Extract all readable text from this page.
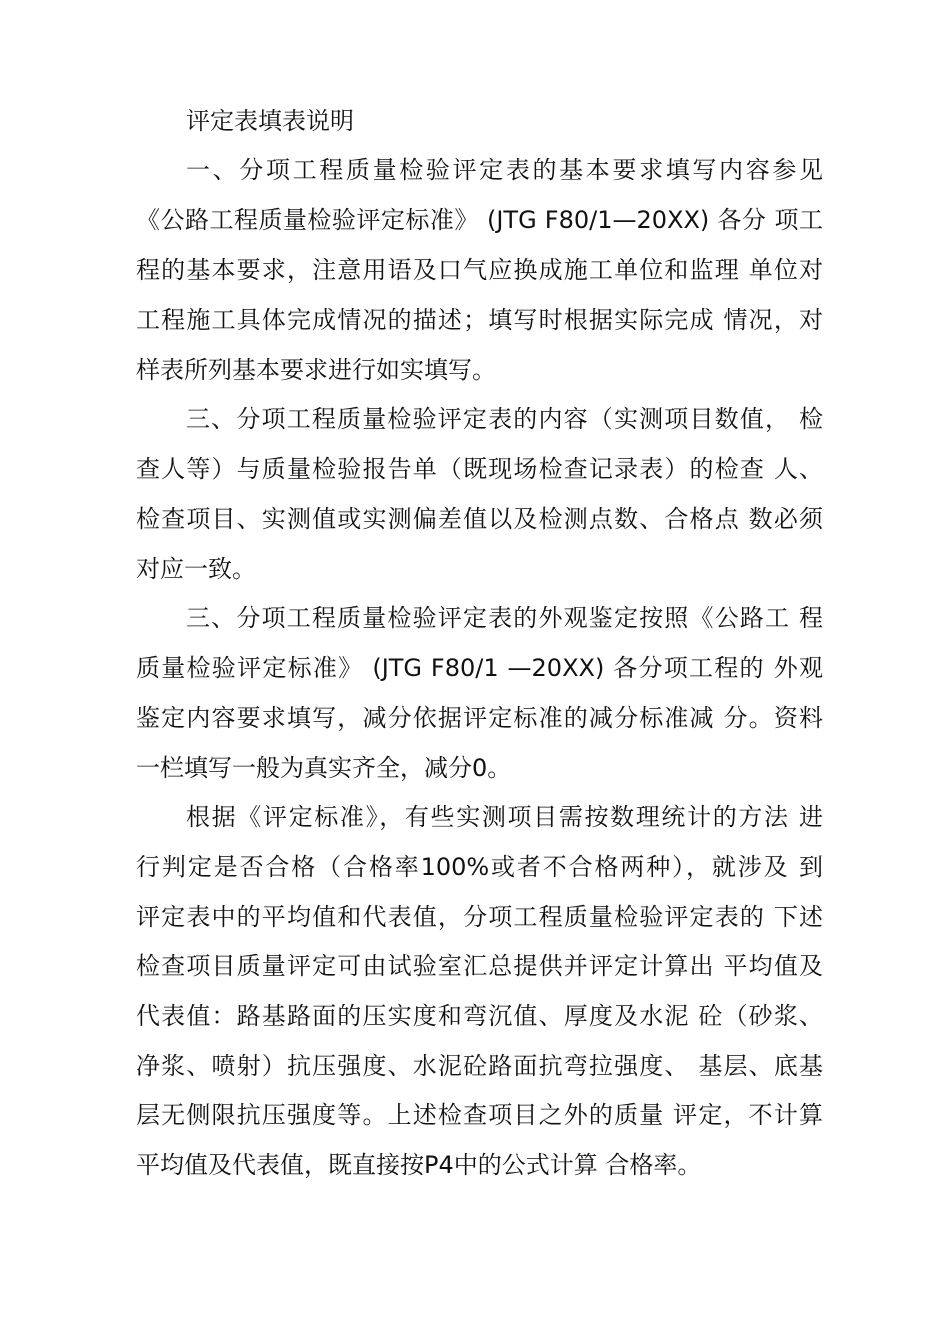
评定表填表说明
一、分项工程质量检验评定表的基本要求填写内容参见
《公路工程质量检验评定标准》 (JTG F80/1—20XX) 各分 项工
程的基本要求，注意用语及口气应换成施工单位和监理 单位对
工程施工具体完成情况的描述；填写时根据实际完成 情况，对
样表所列基本要求进行如实填写。
三、分项工程质量检验评定表的内容（实测项目数值， 检
查人等）与质量检验报告单（既现场检查记录表）的检查 人、
检查项目、实测值或实测偏差值以及检测点数、合格点 数必须
对应一致。
三、分项工程质量检验评定表的外观鉴定按照《公路工 程
质量检验评定标准》 (JTG F80/1 —20XX) 各分项工程的 外观
鉴定内容要求填写，减分依据评定标准的减分标准减 分。资料
一栏填写一般为真实齐全，减分0。
根据《评定标准》，有些实测项目需按数理统计的方法 进
行判定是否合格（合格率100%或者不合格两种），就涉及 到
评定表中的平均值和代表值，分项工程质量检验评定表的 下述
检查项目质量评定可由试验室汇总提供并评定计算出 平均值及
代表值：路基路面的压实度和弯沉值、厚度及水泥 砼（砂浆、
净浆、喷射）抗压强度、水泥砼路面抗弯拉强度、 基层、底基
层无侧限抗压强度等。上述检查项目之外的质量 评定，不计算
平均值及代表值，既直接按P4中的公式计算 合格率。
